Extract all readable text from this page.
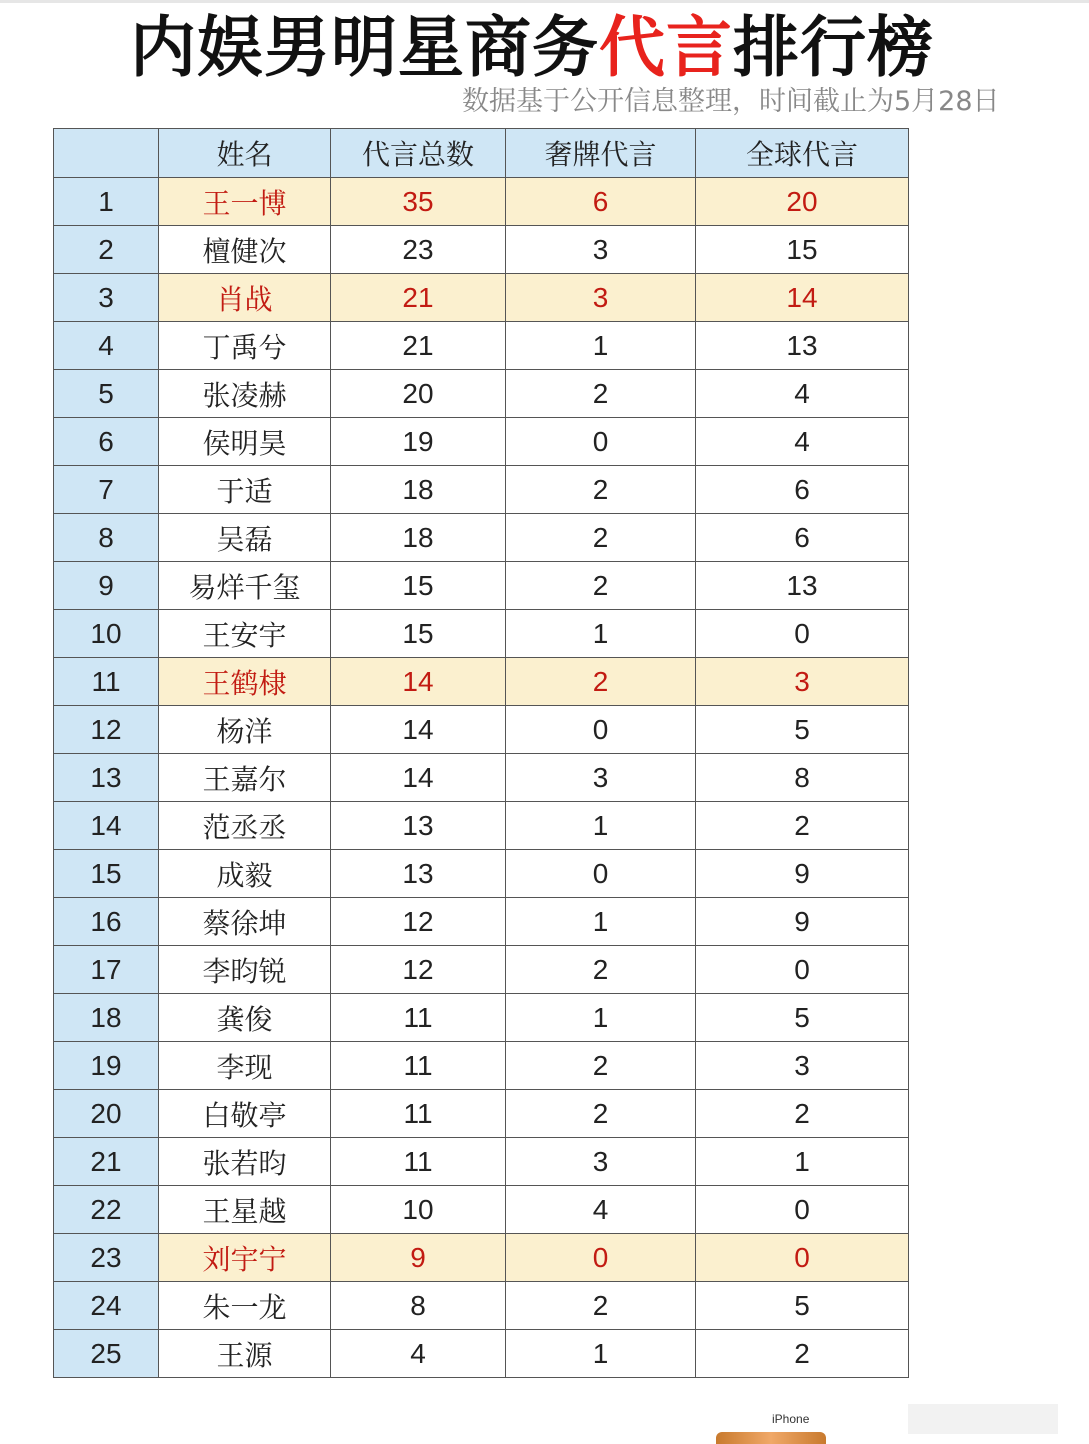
内娱男明星商务代言排行榜
数据基于公开信息整理，时间截止为5月28日
	姓名	代言总数	奢牌代言	全球代言
1	王一博	35	6	20
2	檀健次	23	3	15
3	肖战	21	3	14
4	丁禹兮	21	1	13
5	张凌赫	20	2	4
6	侯明昊	19	0	4
7	于适	18	2	6
8	吴磊	18	2	6
9	易烊千玺	15	2	13
10	王安宇	15	1	0
11	王鹤棣	14	2	3
12	杨洋	14	0	5
13	王嘉尔	14	3	8
14	范丞丞	13	1	2
15	成毅	13	0	9
16	蔡徐坤	12	1	9
17	李昀锐	12	2	0
18	龚俊	11	1	5
19	李现	11	2	3
20	白敬亭	11	2	2
21	张若昀	11	3	1
22	王星越	10	4	0
23	刘宇宁	9	0	0
24	朱一龙	8	2	5
25	王源	4	1	2
iPhone
